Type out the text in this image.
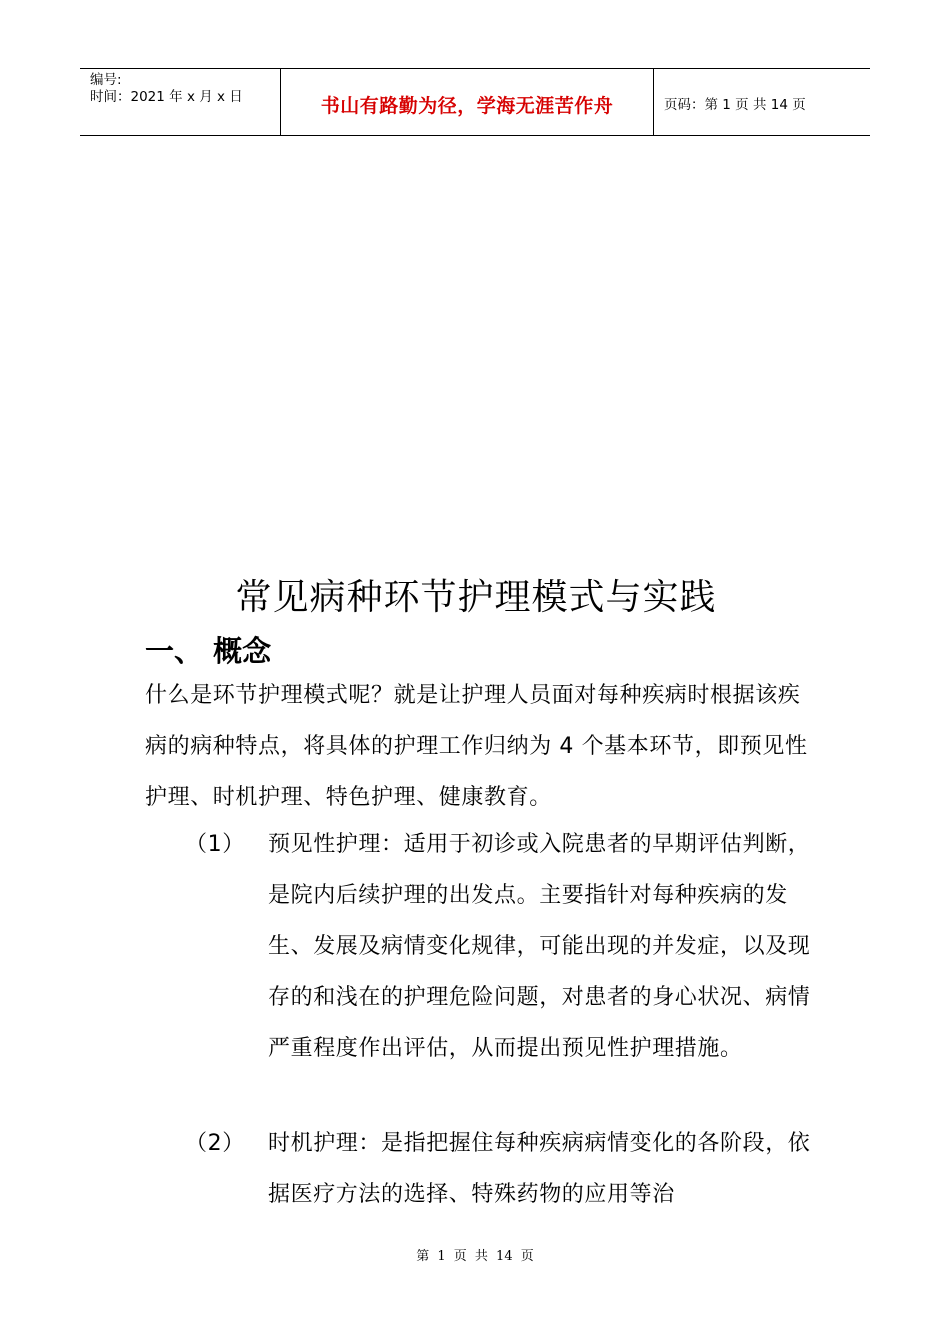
编号:
时间：2021 年 x 月 x 日	书山有路勤为径，学海无涯苦作舟	页码：第 1 页 共 14 页
常见病种环节护理模式与实践
一、 概念
什么是环节护理模式呢？就是让护理人员面对每种疾病时根据该疾病的病种特点，将具体的护理工作归纳为 4 个基本环节，即预见性护理、时机护理、特色护理、健康教育。
（1） 预见性护理：适用于初诊或入院患者的早期评估判断，是院内后续护理的出发点。主要指针对每种疾病的发生、发展及病情变化规律，可能出现的并发症，以及现存的和浅在的护理危险问题，对患者的身心状况、病情严重程度作出评估，从而提出预见性护理措施。
（2） 时机护理：是指把握住每种疾病病情变化的各阶段，依据医疗方法的选择、特殊药物的应用等治
第 1 页 共 14 页
